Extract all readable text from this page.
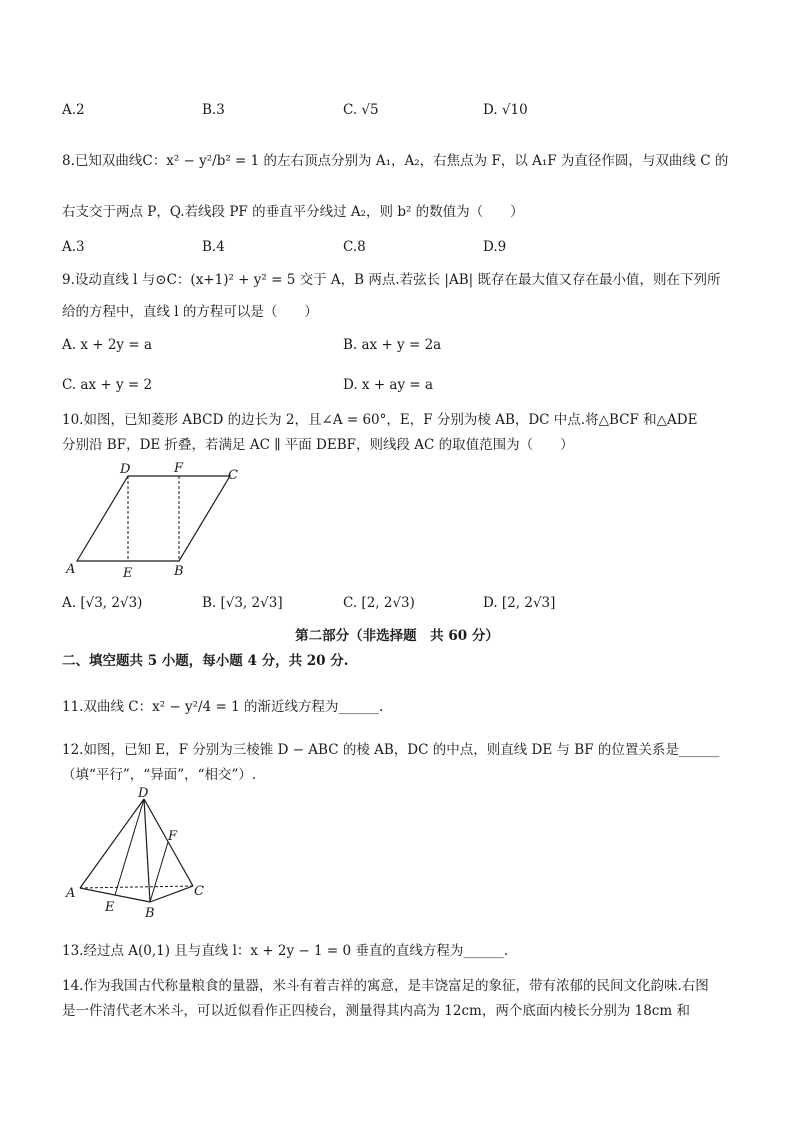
A.2	B.3	C. √5	D. √10
8.已知双曲线C：x² − y²/b² = 1 的左右顶点分别为 A₁，A₂，右焦点为 F，以 A₁F 为直径作圆，与双曲线 C 的
右支交于两点 P，Q.若线段 PF 的垂直平分线过 A₂，则 b² 的数值为（　　）
A.3	B.4	C.8	D.9
9.设动直线 l 与⊙C：(x+1)² + y² = 5 交于 A，B 两点.若弦长 |AB| 既存在最大值又存在最小值，则在下列所
给的方程中，直线 l 的方程可以是（　　）
A. x + 2y = a	B. ax + y = 2a
C. ax + y = 2	D. x + ay = a
10.如图，已知菱形 ABCD 的边长为 2，且∠A = 60°，E，F 分别为棱 AB，DC 中点.将△BCF 和△ADE
分别沿 BF，DE 折叠，若满足 AC ∥ 平面 DEBF，则线段 AC 的取值范围为（　　）
D	F	C
A	E	B
A. [√3, 2√3)	B. [√3, 2√3]	C. [2, 2√3)	D. [2, 2√3]
第二部分（非选择题　共 60 分）
二、填空题共 5 小题，每小题 4 分，共 20 分.
11.双曲线 C：x² − y²/4 = 1 的渐近线方程为______.
12.如图，已知 E，F 分别为三棱锥 D − ABC 的棱 AB，DC 的中点，则直线 DE 与 BF 的位置关系是______
（填“平行”，“异面”，“相交”）.
D
F
A	C
E B
13.经过点 A(0,1) 且与直线 l：x + 2y − 1 = 0 垂直的直线方程为______.
14.作为我国古代称量粮食的量器，米斗有着吉祥的寓意，是丰饶富足的象征，带有浓郁的民间文化韵味.右图
是一件清代老木米斗，可以近似看作正四棱台，测量得其内高为 12cm，两个底面内棱长分别为 18cm 和
